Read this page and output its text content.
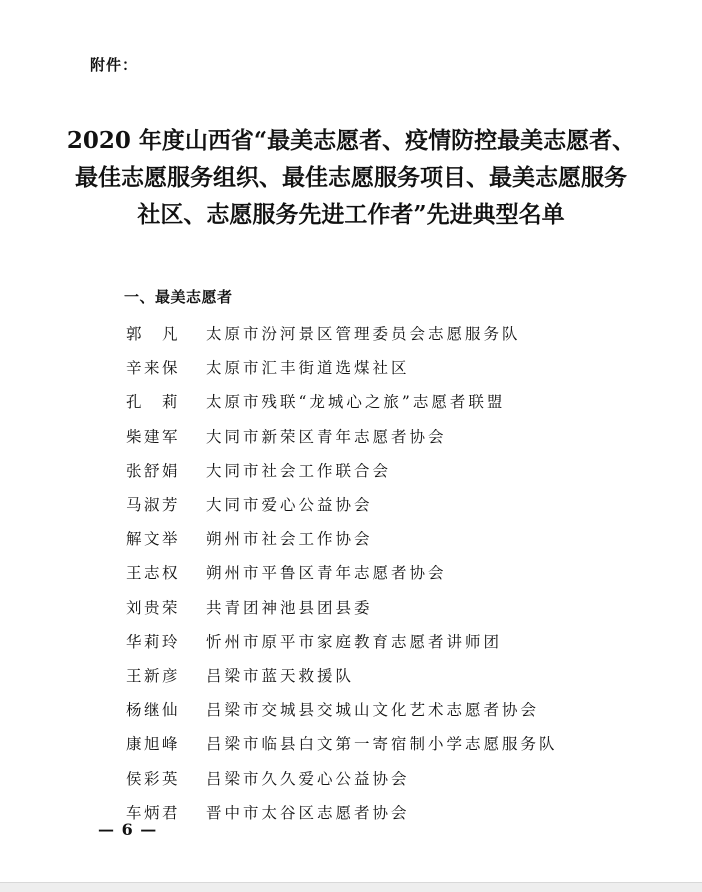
附件：
2020 年度山西省“最美志愿者、疫情防控最美志愿者、
最佳志愿服务组织、最佳志愿服务项目、最美志愿服务
社区、志愿服务先进工作者”先进典型名单
一、最美志愿者
郭　凡	太原市汾河景区管理委员会志愿服务队
辛来保	太原市汇丰街道选煤社区
孔　莉	太原市残联“龙城心之旅”志愿者联盟
柴建军	大同市新荣区青年志愿者协会
张舒娟	大同市社会工作联合会
马淑芳	大同市爱心公益协会
解文举	朔州市社会工作协会
王志权	朔州市平鲁区青年志愿者协会
刘贵荣	共青团神池县团县委
华莉玲	忻州市原平市家庭教育志愿者讲师团
王新彦	吕梁市蓝天救援队
杨继仙	吕梁市交城县交城山文化艺术志愿者协会
康旭峰	吕梁市临县白文第一寄宿制小学志愿服务队
侯彩英	吕梁市久久爱心公益协会
车炳君	晋中市太谷区志愿者协会
— 6 —
